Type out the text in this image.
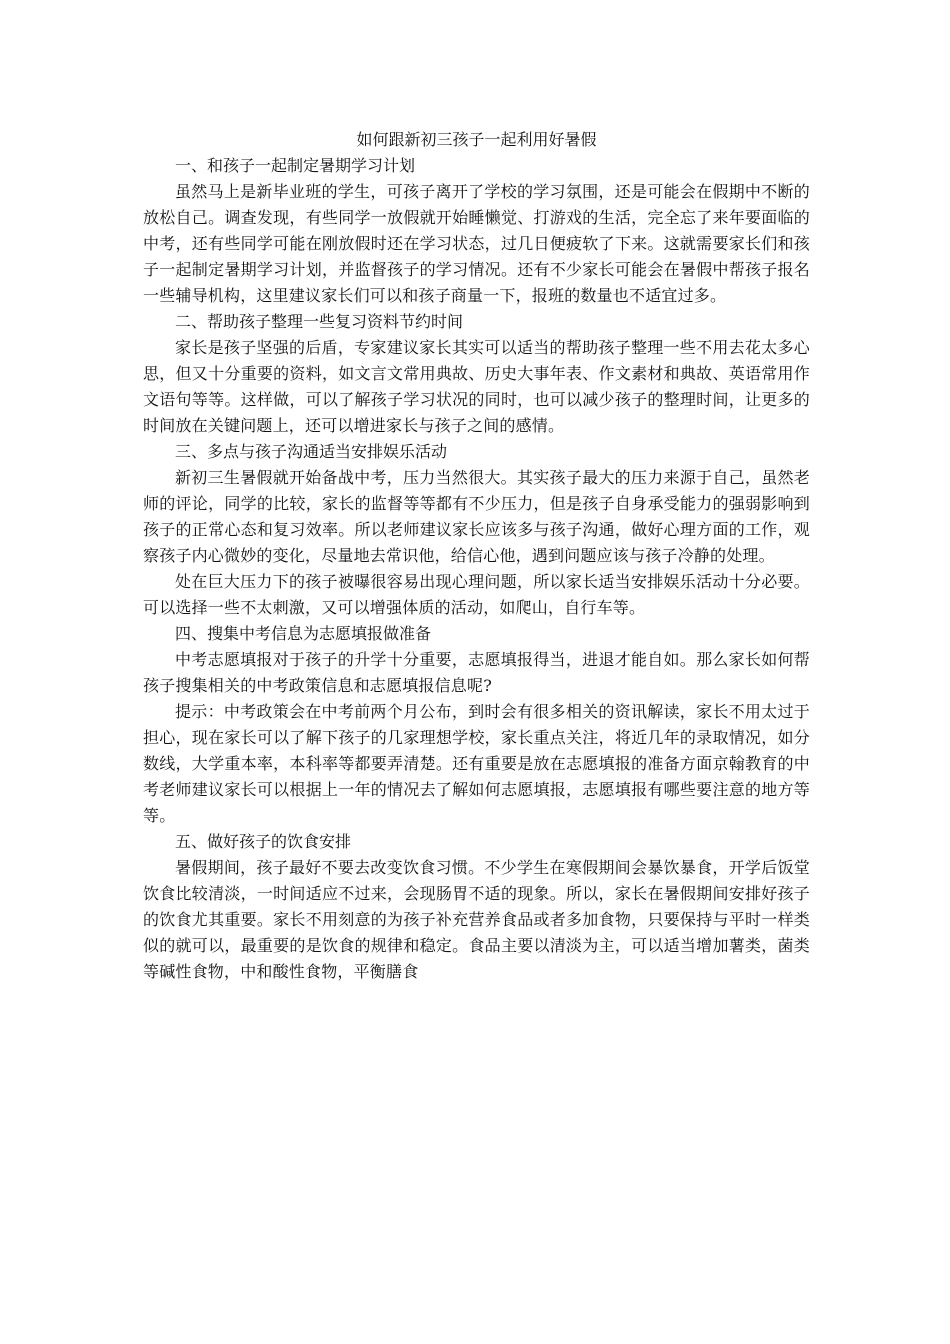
如何跟新初三孩子一起利用好暑假

一、和孩子一起制定暑期学习计划

虽然马上是新毕业班的学生，可孩子离开了学校的学习氛围，还是可能会在假期中不断的放松自己。调查发现，有些同学一放假就开始睡懒觉、打游戏的生活，完全忘了来年要面临的中考，还有些同学可能在刚放假时还在学习状态，过几日便疲软了下来。这就需要家长们和孩子一起制定暑期学习计划，并监督孩子的学习情况。还有不少家长可能会在暑假中帮孩子报名一些辅导机构，这里建议家长们可以和孩子商量一下，报班的数量也不适宜过多。

二、帮助孩子整理一些复习资料节约时间

家长是孩子坚强的后盾，专家建议家长其实可以适当的帮助孩子整理一些不用去花太多心思，但又十分重要的资料，如文言文常用典故、历史大事年表、作文素材和典故、英语常用作文语句等等。这样做，可以了解孩子学习状况的同时，也可以减少孩子的整理时间，让更多的时间放在关键问题上，还可以增进家长与孩子之间的感情。

三、多点与孩子沟通适当安排娱乐活动

新初三生暑假就开始备战中考，压力当然很大。其实孩子最大的压力来源于自己，虽然老师的评论，同学的比较，家长的监督等等都有不少压力，但是孩子自身承受能力的强弱影响到孩子的正常心态和复习效率。所以老师建议家长应该多与孩子沟通，做好心理方面的工作，观察孩子内心微妙的变化，尽量地去常识他，给信心他，遇到问题应该与孩子冷静的处理。

处在巨大压力下的孩子被曝很容易出现心理问题，所以家长适当安排娱乐活动十分必要。可以选择一些不太刺激，又可以增强体质的活动，如爬山，自行车等。

四、搜集中考信息为志愿填报做准备

中考志愿填报对于孩子的升学十分重要，志愿填报得当，进退才能自如。那么家长如何帮孩子搜集相关的中考政策信息和志愿填报信息呢?

提示：中考政策会在中考前两个月公布，到时会有很多相关的资讯解读，家长不用太过于担心，现在家长可以了解下孩子的几家理想学校，家长重点关注，将近几年的录取情况，如分数线，大学重本率，本科率等都要弄清楚。还有重要是放在志愿填报的准备方面京翰教育的中考老师建议家长可以根据上一年的情况去了解如何志愿填报，志愿填报有哪些要注意的地方等等。

五、做好孩子的饮食安排

暑假期间，孩子最好不要去改变饮食习惯。不少学生在寒假期间会暴饮暴食，开学后饭堂饮食比较清淡，一时间适应不过来，会现肠胃不适的现象。所以，家长在暑假期间安排好孩子的饮食尤其重要。家长不用刻意的为孩子补充营养食品或者多加食物，只要保持与平时一样类似的就可以，最重要的是饮食的规律和稳定。食品主要以清淡为主，可以适当增加薯类，菌类等碱性食物，中和酸性食物，平衡膳食
